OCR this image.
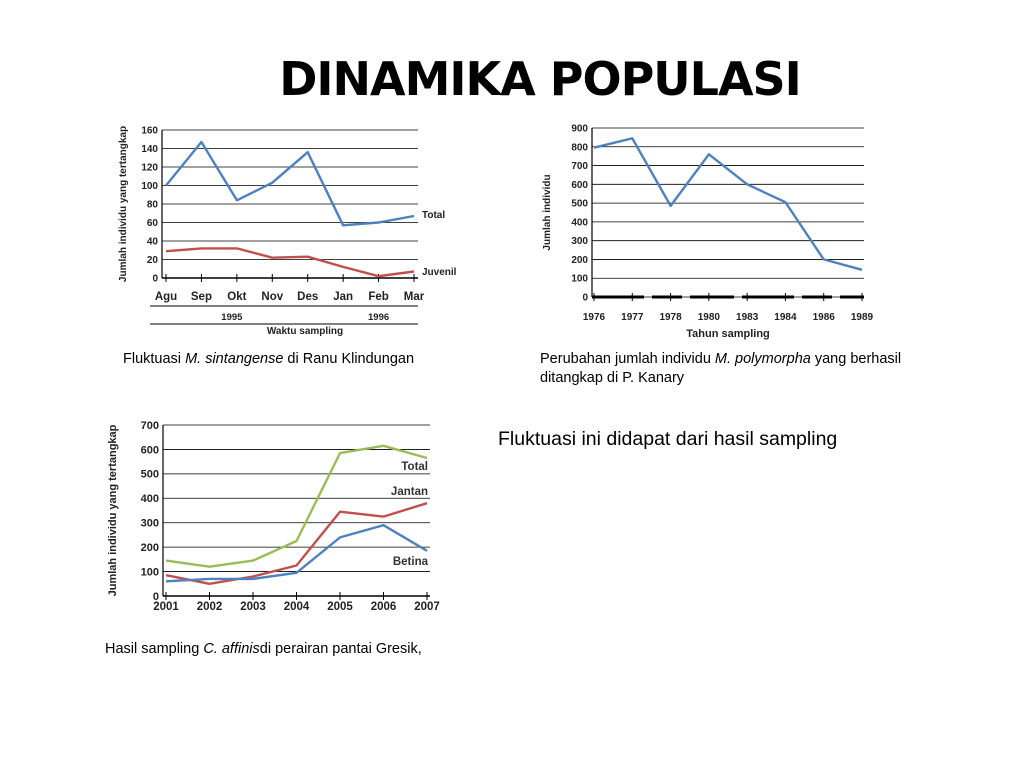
DINAMIKA POPULASI
0
20
40
60
80
100
120
140
160
Agu Sep Okt Nov Des Jan Feb Mar
Jumlah individu yang tertangkap	Total
Juvenil
1995	1996
Waktu sampling
Fluktuasi M. sintangense di Ranu Klindungan
0
100
200
300
400
500
600
700
800
900
1976 1977 1978 1980 1983 1984 1986 1989
Jumlah individu
Tahun sampling
Perubahan jumlah individu M. polymorpha yang berhasil ditangkap di P. Kanary
0
100
200
300
400
500
600
700
2001 2002 2003 2004 2005 2006 2007
Jumlah individu yang tertangkap	Total
Jantan
Betina
Hasil sampling C. affinisdi perairan pantai Gresik,
Fluktuasi ini didapat dari hasil sampling
